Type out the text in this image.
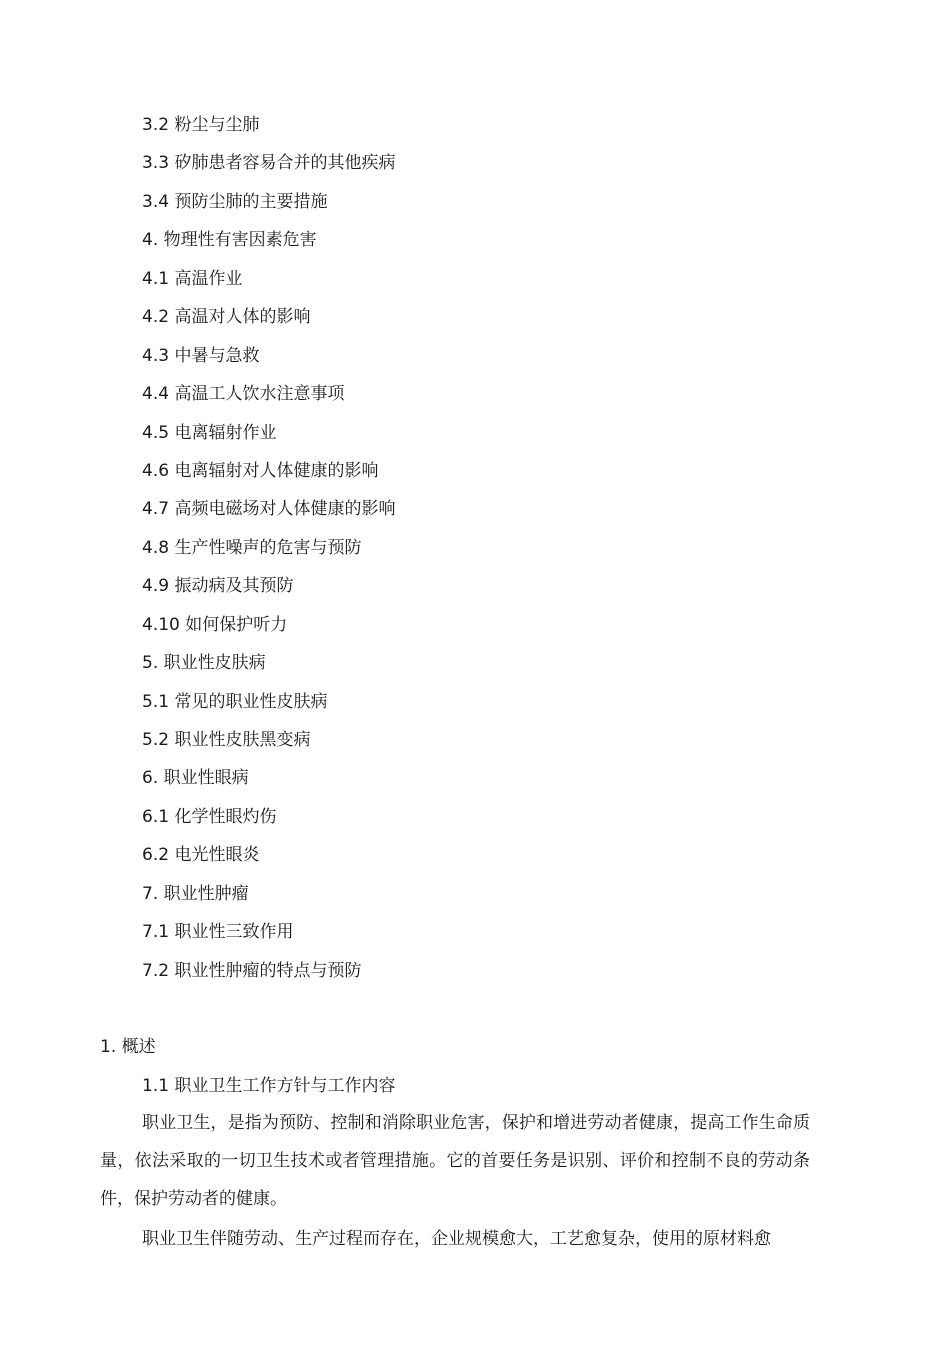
3.2 粉尘与尘肺
3.3 矽肺患者容易合并的其他疾病
3.4 预防尘肺的主要措施
4. 物理性有害因素危害
4.1 高温作业
4.2 高温对人体的影响
4.3 中暑与急救
4.4 高温工人饮水注意事项
4.5 电离辐射作业
4.6 电离辐射对人体健康的影响
4.7 高频电磁场对人体健康的影响
4.8 生产性噪声的危害与预防
4.9 振动病及其预防
4.10 如何保护听力
5. 职业性皮肤病
5.1 常见的职业性皮肤病
5.2 职业性皮肤黑变病
6. 职业性眼病
6.1 化学性眼灼伤
6.2 电光性眼炎
7. 职业性肿瘤
7.1 职业性三致作用
7.2 职业性肿瘤的特点与预防
1. 概述
1.1 职业卫生工作方针与工作内容

职业卫生，是指为预防、控制和消除职业危害，保护和增进劳动者健康，提高工作生命质量，依法采取的一切卫生技术或者管理措施。它的首要任务是识别、评价和控制不良的劳动条件，保护劳动者的健康。

职业卫生伴随劳动、生产过程而存在，企业规模愈大，工艺愈复杂，使用的原材料愈
